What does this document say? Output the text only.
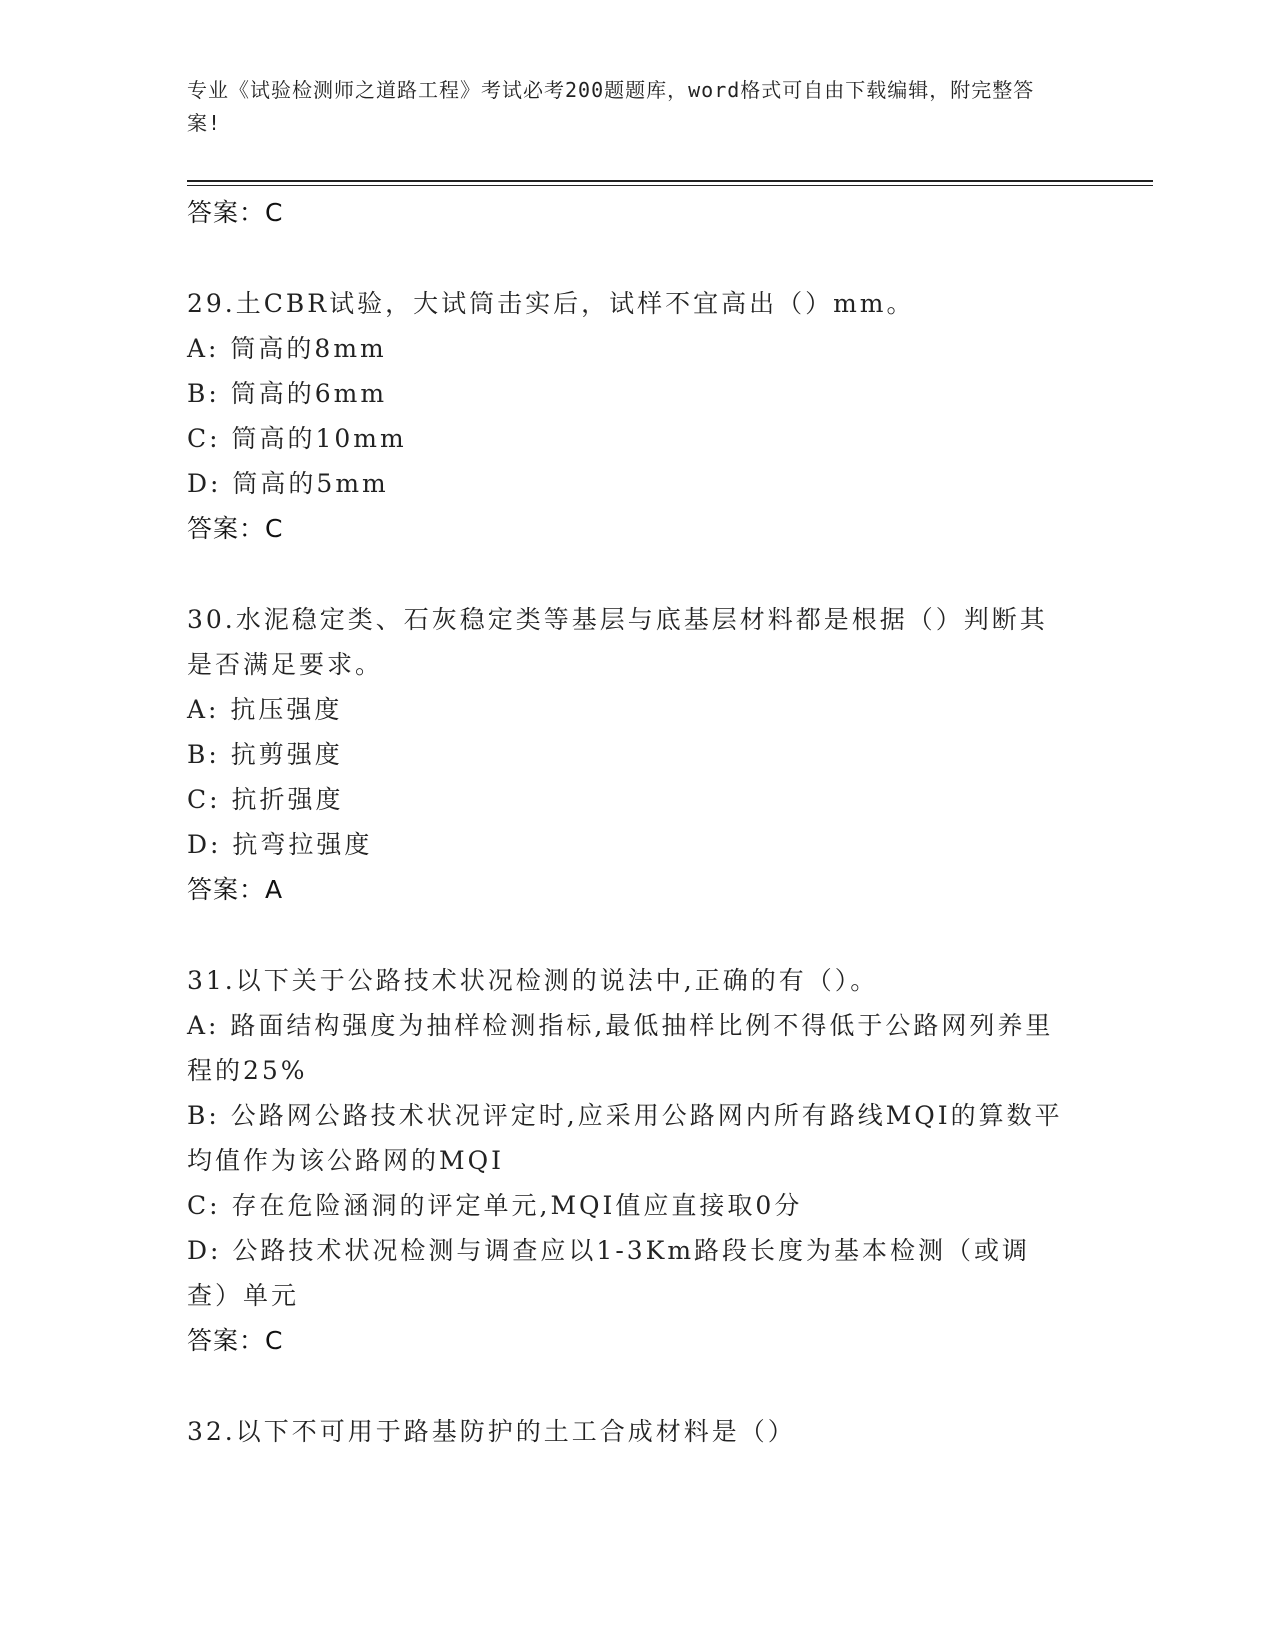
专业《试验检测师之道路工程》考试必考200题题库，word格式可自由下载编辑，附完整答案!
答案：C
29.土CBR试验，大试筒击实后，试样不宜高出（）mm。
A: 筒高的8mm
B: 筒高的6mm
C: 筒高的10mm
D: 筒高的5mm
答案：C
30.水泥稳定类、石灰稳定类等基层与底基层材料都是根据（）判断其是否满足要求。
A: 抗压强度
B: 抗剪强度
C: 抗折强度
D: 抗弯拉强度
答案：A
31.以下关于公路技术状况检测的说法中,正确的有（）。
A: 路面结构强度为抽样检测指标,最低抽样比例不得低于公路网列养里程的25%
B: 公路网公路技术状况评定时,应采用公路网内所有路线MQI的算数平均值作为该公路网的MQI
C: 存在危险涵洞的评定单元,MQI值应直接取0分
D: 公路技术状况检测与调查应以1-3Km路段长度为基本检测（或调查）单元
答案：C
32.以下不可用于路基防护的土工合成材料是（）
